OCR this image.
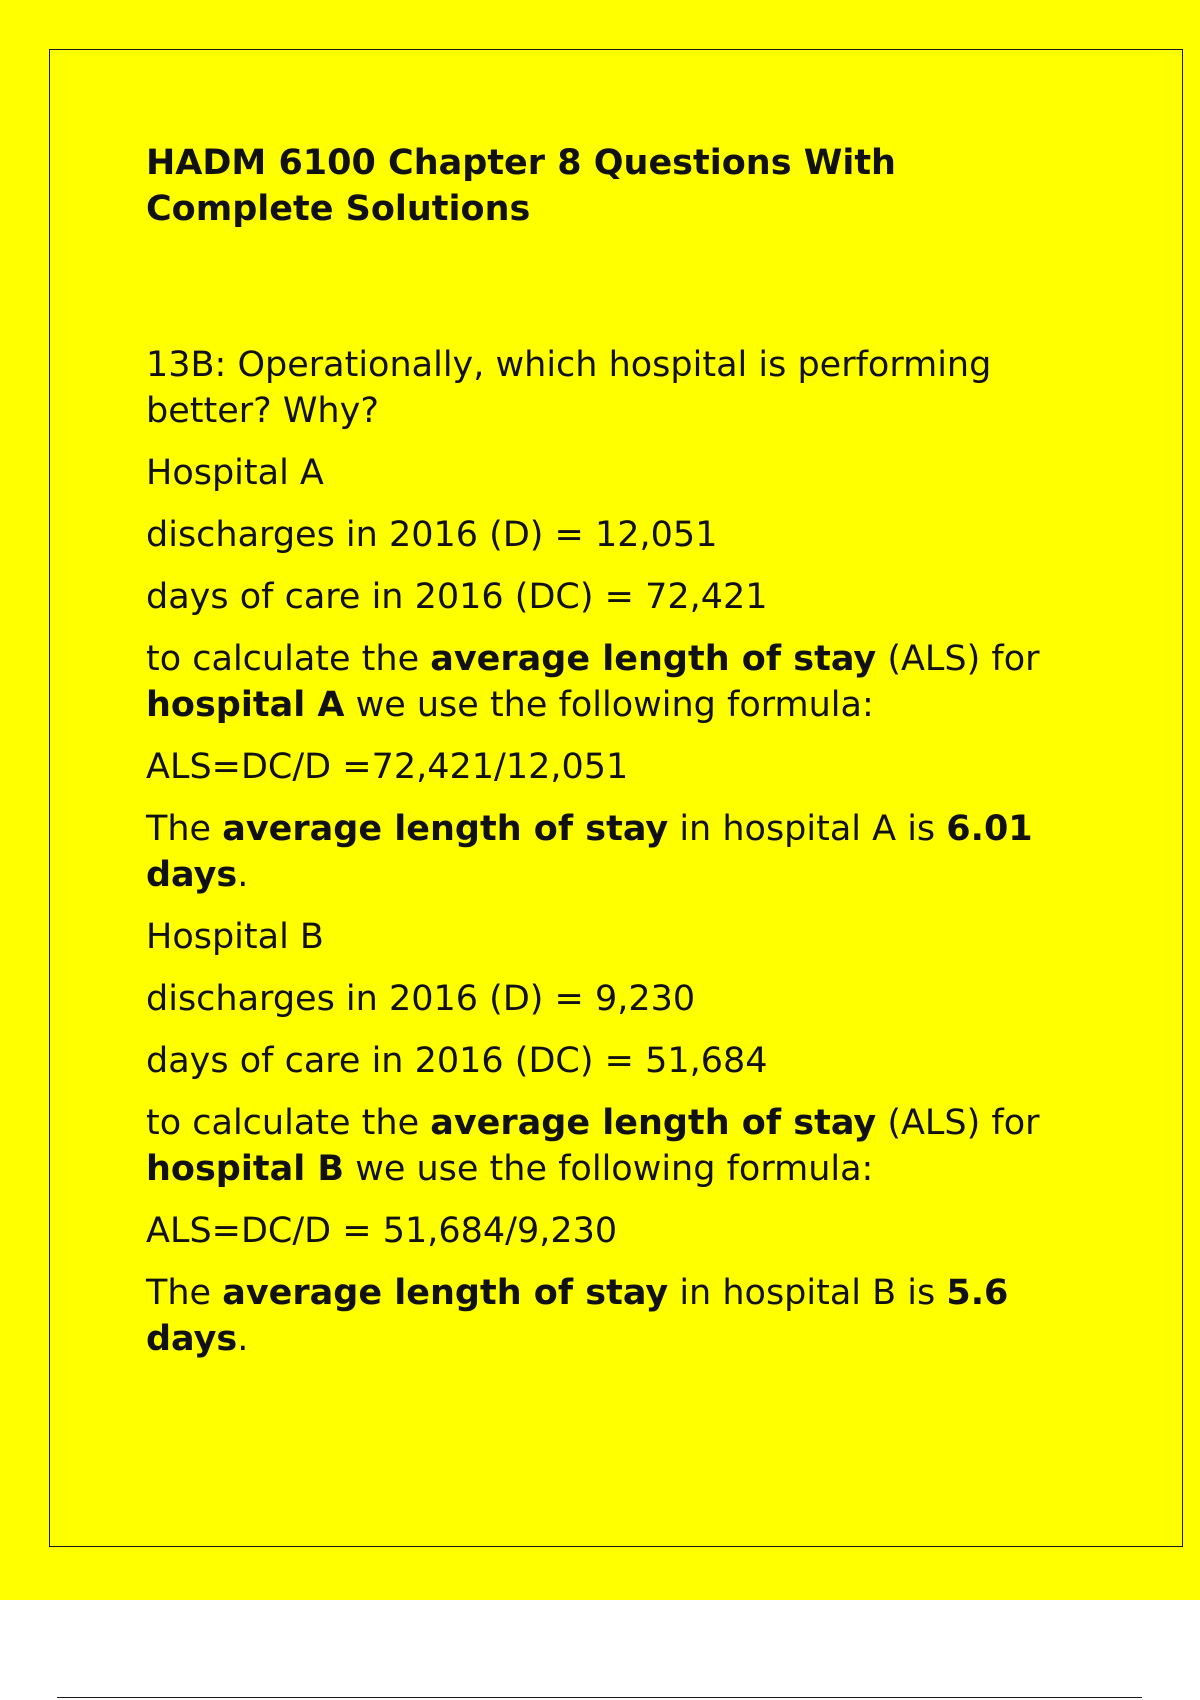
HADM 6100 Chapter 8 Questions With Complete Solutions

13B: Operationally, which hospital is performing better? Why?

Hospital A

discharges in 2016 (D) = 12,051

days of care in 2016 (DC) = 72,421

to calculate the average length of stay (ALS) for hospital A we use the following formula:

ALS=DC/D =72,421/12,051

The average length of stay in hospital A is 6.01 days.

Hospital B

discharges in 2016 (D) = 9,230

days of care in 2016 (DC) = 51,684

to calculate the average length of stay (ALS) for hospital B we use the following formula:

ALS=DC/D = 51,684/9,230

The average length of stay in hospital B is 5.6 days.
